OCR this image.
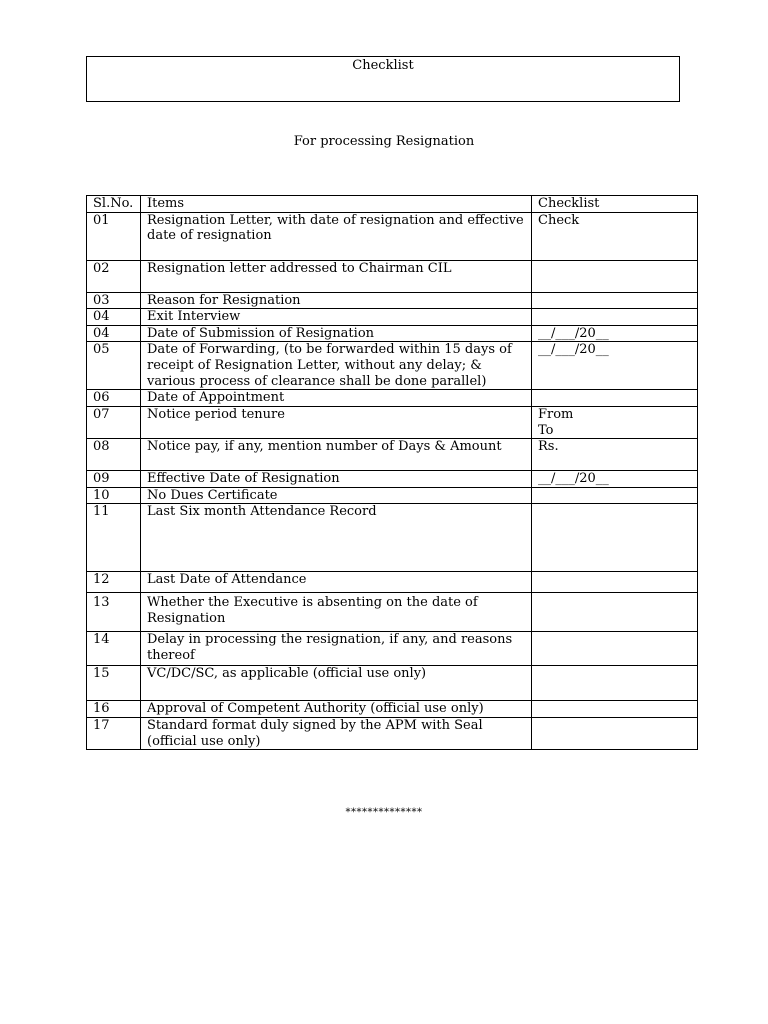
Checklist
For processing Resignation
Sl.No.	Items	Checklist
01	Resignation Letter, with date of resignation and effective date of resignation	Check
02	Resignation letter addressed to Chairman CIL	
03	Reason for Resignation	
04	Exit Interview	
04	Date of Submission of Resignation	__/___/20__
05	Date of Forwarding, (to be forwarded within 15 days of receipt of Resignation Letter, without any delay; & various process of clearance shall be done parallel)	__/___/20__
06	Date of Appointment	
07	Notice period tenure	From
To

08	Notice pay, if any, mention number of Days & Amount	Rs.
09	Effective Date of Resignation	__/___/20__
10	No Dues Certificate	
11	Last Six month Attendance Record	
12	Last Date of Attendance	
13	Whether the Executive is absenting on the date of Resignation	
14	Delay in processing the resignation, if any, and reasons thereof	
15	VC/DC/SC, as applicable (official use only)	
16	Approval of Competent Authority (official use only)	
17	Standard format duly signed by the APM with Seal (official use only)	
**************
